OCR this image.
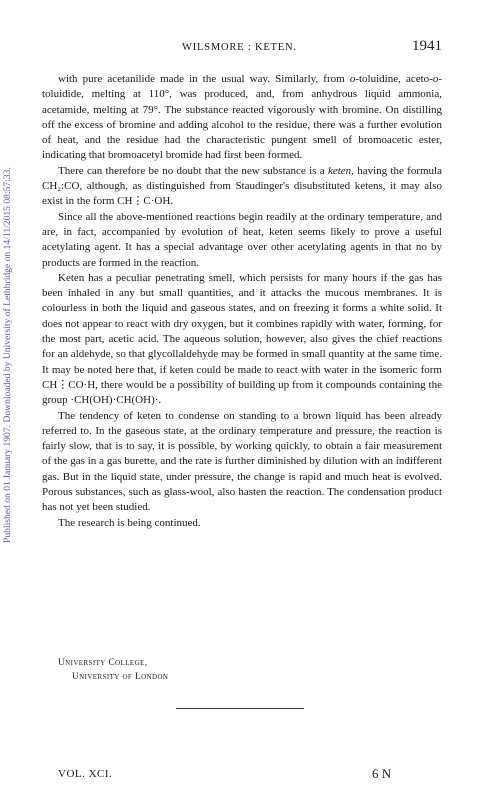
WILSMORE : KETEN.	1941
Published on 01 January 1907. Downloaded by University of Lethbridge on 14/11/2015 08:57:33.

with pure acetanilide made in the usual way. Similarly, from o-toluidine, aceto-o-toluidide, melting at 110°, was produced, and, from anhydrous liquid ammonia, acetamide, melting at 79°. The substance reacted vigorously with bromine. On distilling off the excess of bromine and adding alcohol to the residue, there was a further evolution of heat, and the residue had the characteristic pungent smell of bromoacetic ester, indicating that bromoacetyl bromide had first been formed.

There can therefore be no doubt that the new substance is a keten, having the formula CH₂:CO, although, as distinguished from Staudinger's disubstituted ketens, it may also exist in the form CH⋮C·OH.

Since all the above-mentioned reactions begin readily at the ordinary temperature, and are, in fact, accompanied by evolution of heat, keten seems likely to prove a useful acetylating agent. It has a special advantage over other acetylating agents in that no by products are formed in the reaction.

Keten has a peculiar penetrating smell, which persists for many hours if the gas has been inhaled in any but small quantities, and it attacks the mucous membranes. It is colourless in both the liquid and gaseous states, and on freezing it forms a white solid. It does not appear to react with dry oxygen, but it combines rapidly with water, forming, for the most part, acetic acid. The aqueous solution, however, also gives the chief reactions for an aldehyde, so that glycollaldehyde may be formed in small quantity at the same time. It may be noted here that, if keten could be made to react with water in the isomeric form CH⋮CO·H, there would be a possibility of building up from it compounds containing the group ·CH(OH)·CH(OH)·.

The tendency of keten to condense on standing to a brown liquid has been already referred to. In the gaseous state, at the ordinary temperature and pressure, the reaction is fairly slow, that is to say, it is possible, by working quickly, to obtain a fair measurement of the gas in a gas burette, and the rate is further diminished by dilution with an indifferent gas. But in the liquid state, under pressure, the change is rapid and much heat is evolved. Porous substances, such as glass-wool, also hasten the reaction. The condensation product has not yet been studied.

The research is being continued.

University College,
University of London
VOL. XCI.	6 N
